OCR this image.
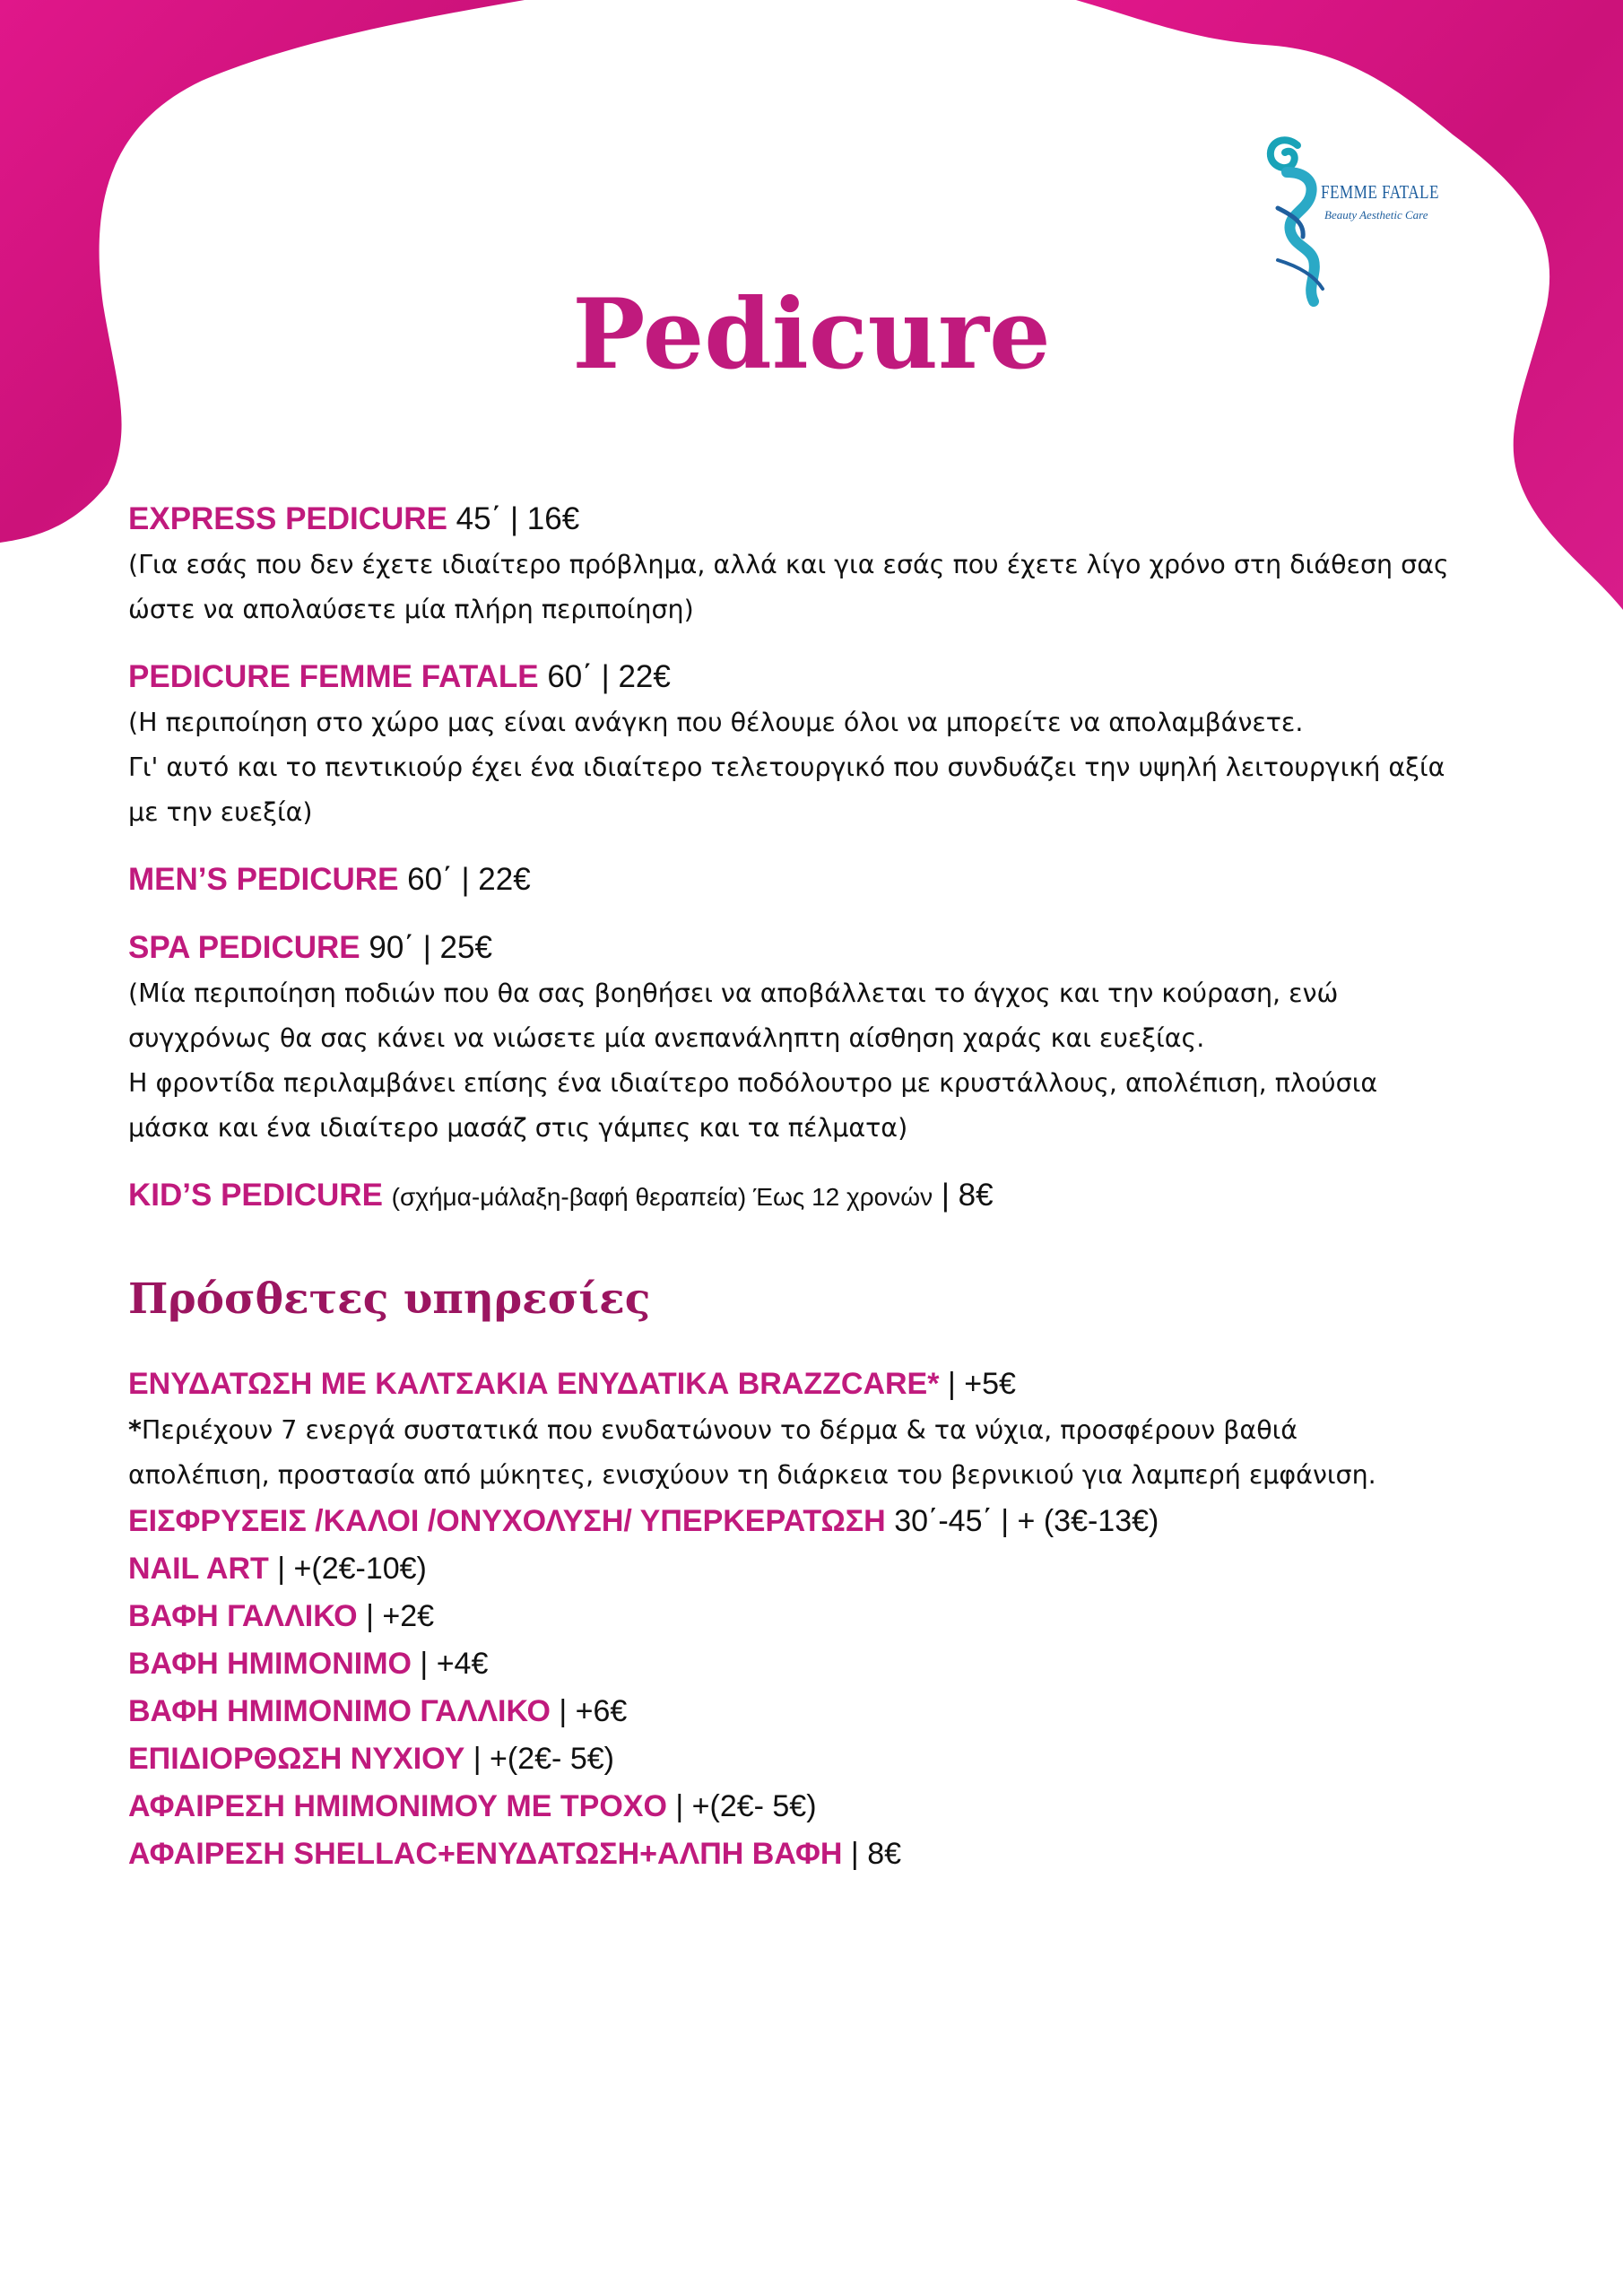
FEMME FATALE
Beauty Aesthetic Care
Pedicure
EXPRESS PEDICURE 45΄ | 16€

(Για εσάς που δεν έχετε ιδιαίτερο πρόβλημα, αλλά και για εσάς που έχετε λίγο χρόνο στη διάθεση σας

ώστε να απολαύσετε μία πλήρη περιποίηση)

PEDICURE FEMME FATALE 60΄ | 22€

(Η περιποίηση στο χώρο μας είναι ανάγκη που θέλουμε όλοι να μπορείτε να απολαμβάνετε.

Γι' αυτό και το πεντικιούρ έχει ένα ιδιαίτερο τελετουργικό που συνδυάζει την υψηλή λειτουργική αξία

με την ευεξία)

MEN’S PEDICURE 60΄ | 22€
SPA PEDICURE 90΄ | 25€

(Μία περιποίηση ποδιών που θα σας βοηθήσει να αποβάλλεται το άγχος και την κούραση, ενώ

συγχρόνως θα σας κάνει να νιώσετε μία ανεπανάληπτη αίσθηση χαράς και ευεξίας.

Η φροντίδα περιλαμβάνει επίσης ένα ιδιαίτερο ποδόλουτρο με κρυστάλλους, απολέπιση, πλούσια

μάσκα και ένα ιδιαίτερο μασάζ στις γάμπες και τα πέλματα)

KID’S PEDICURE (σχήμα-μάλαξη-βαφή θεραπεία) Έως 12 χρονών | 8€
Πρόσθετες υπηρεσίες
ΕΝΥΔΑΤΩΣΗ ΜΕ ΚΑΛΤΣΑΚΙΑ ΕΝΥΔΑΤΙΚΑ BRAZZCARE* | +5€

*Περιέχουν 7 ενεργά συστατικά που ενυδατώνουν το δέρμα & τα νύχια, προσφέρουν βαθιά

απολέπιση, προστασία από μύκητες, ενισχύουν τη διάρκεια του βερνικιού για λαμπερή εμφάνιση.

ΕΙΣΦΡΥΣΕΙΣ /ΚΑΛΟΙ /ΟΝΥΧΟΛΥΣΗ/ ΥΠΕΡΚΕΡΑΤΩΣΗ 30΄-45΄ | + (3€-13€)
NAIL ART | +(2€-10€)
ΒΑΦΗ ΓΑΛΛΙΚΟ | +2€
ΒΑΦΗ ΗΜΙΜΟΝΙΜΟ | +4€
ΒΑΦΗ ΗΜΙΜΟΝΙΜΟ ΓΑΛΛΙΚΟ | +6€
ΕΠΙΔΙΟΡΘΩΣΗ ΝΥΧΙΟΥ | +(2€- 5€)
ΑΦΑΙΡΕΣΗ ΗΜΙΜΟΝΙΜΟΥ ΜΕ ΤΡΟΧΟ | +(2€- 5€)
ΑΦΑΙΡΕΣΗ SHELLAC+ΕΝΥΔΑΤΩΣΗ+ΑΛΠΗ ΒΑΦΗ | 8€
